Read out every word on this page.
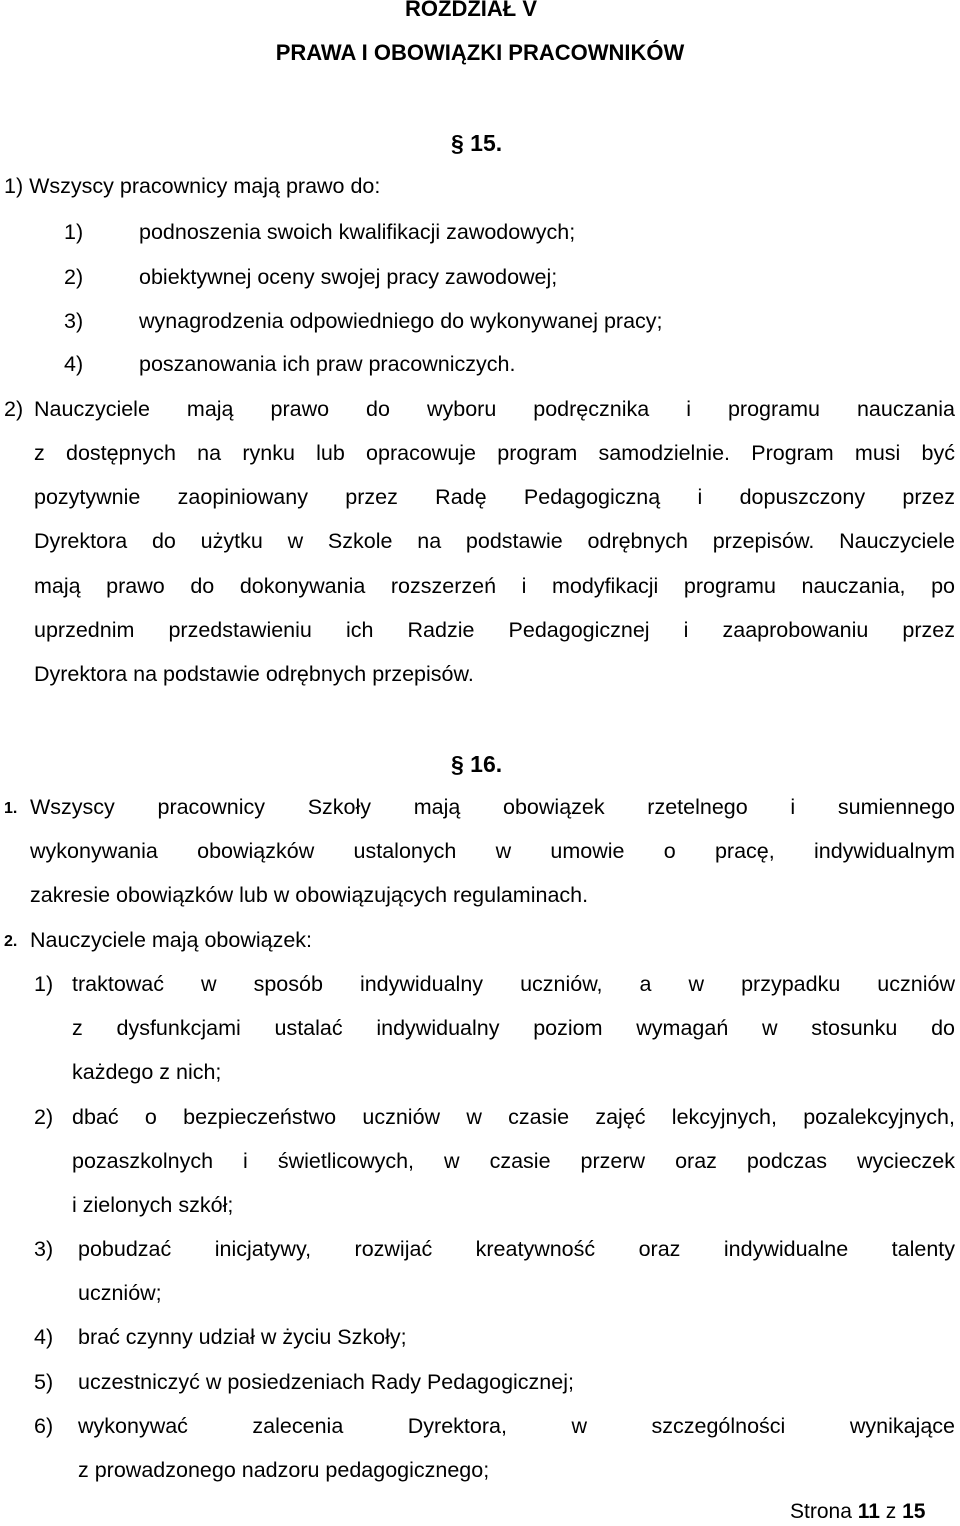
ROZDZIAŁ V
PRAWA I OBOWIĄZKI PRACOWNIKÓW
§ 15.
1) Wszyscy pracownicy mają prawo do:
1)	podnoszenia swoich kwalifikacji zawodowych;
2)	obiektywnej oceny swojej pracy zawodowej;
3)	wynagrodzenia odpowiedniego do wykonywanej pracy;
4)	poszanowania ich praw pracowniczych.
2) Nauczyciele mają prawo do wyboru podręcznika i programu nauczania
z dostępnych na rynku lub opracowuje program samodzielnie. Program musi być
pozytywnie zaopiniowany przez Radę Pedagogiczną i dopuszczony przez
Dyrektora do użytku w Szkole na podstawie odrębnych przepisów. Nauczyciele
mają prawo do dokonywania rozszerzeń i modyfikacji programu nauczania, po
uprzednim przedstawieniu ich Radzie Pedagogicznej i zaaprobowaniu przez
Dyrektora na podstawie odrębnych przepisów.
§ 16.
1. Wszyscy pracownicy Szkoły mają obowiązek rzetelnego i sumiennego
wykonywania obowiązków ustalonych w umowie o pracę, indywidualnym
zakresie obowiązków lub w obowiązujących regulaminach.
2. Nauczyciele mają obowiązek:
1) traktować w sposób indywidualny uczniów, a w przypadku uczniów
z dysfunkcjami ustalać indywidualny poziom wymagań w stosunku do
każdego z nich;
2) dbać o bezpieczeństwo uczniów w czasie zajęć lekcyjnych, pozalekcyjnych,
pozaszkolnych i świetlicowych, w czasie przerw oraz podczas wycieczek
i zielonych szkół;
3) pobudzać inicjatywy, rozwijać kreatywność oraz indywidualne talenty
uczniów;
4) brać czynny udział w życiu Szkoły;
5) uczestniczyć w posiedzeniach Rady Pedagogicznej;
6) wykonywać zalecenia Dyrektora, w szczególności wynikające
z prowadzonego nadzoru pedagogicznego;
Strona 11 z 15
